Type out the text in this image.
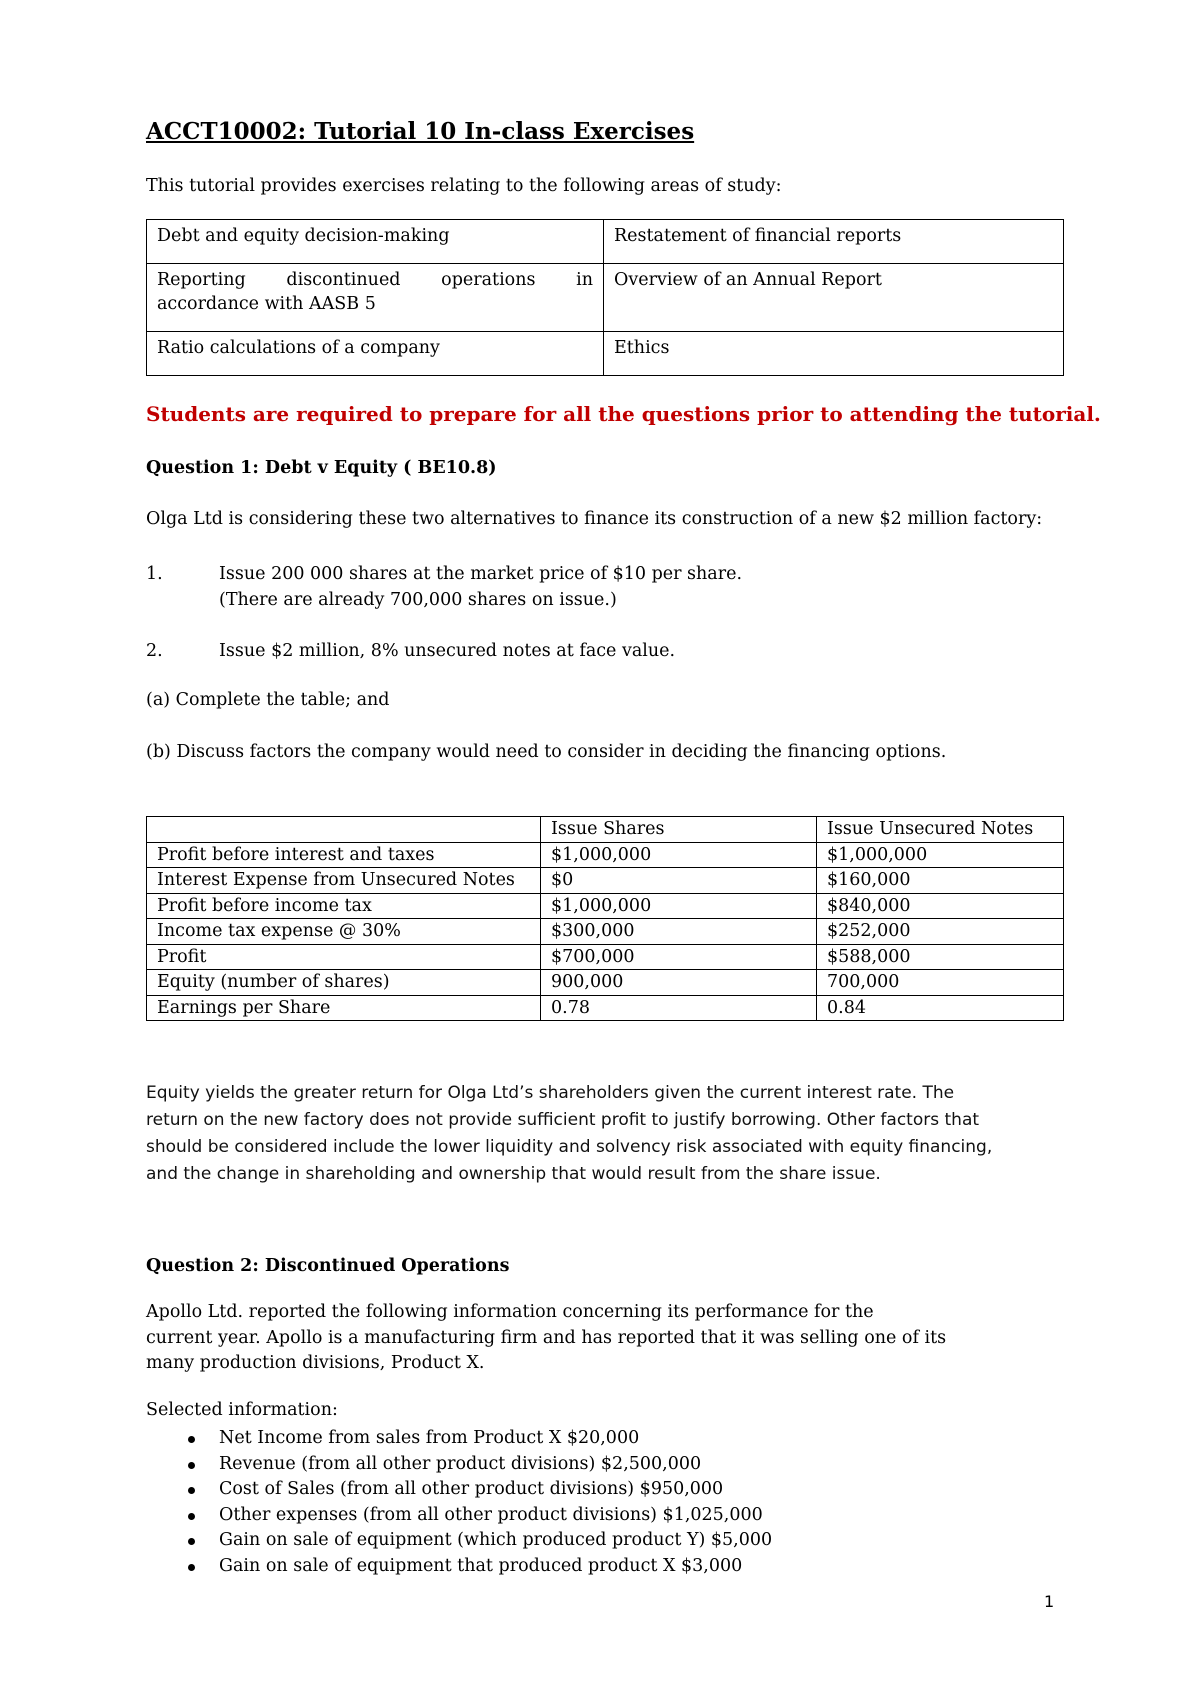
ACCT10002: Tutorial 10 In-class Exercises
This tutorial provides exercises relating to the following areas of study:
Debt and equity decision-making	Restatement of financial reports

Reporting discontinued operations in
accordance with AASB 5	Overview of an Annual Report
Ratio calculations of a company	Ethics
Students are required to prepare for all the questions prior to attending the tutorial.
Question 1: Debt v Equity ( BE10.8)
Olga Ltd is considering these two alternatives to finance its construction of a new $2 million factory:
1.	Issue 200 000 shares at the market price of $10 per share.
(There are already 700,000 shares on issue.)
2.	Issue $2 million, 8% unsecured notes at face value.
(a) Complete the table; and
(b) Discuss factors the company would need to consider in deciding the financing options.
	Issue Shares	Issue Unsecured Notes
Profit before interest and taxes	$1,000,000	$1,000,000
Interest Expense from Unsecured Notes	$0	$160,000
Profit before income tax	$1,000,000	$840,000
Income tax expense @ 30%	$300,000	$252,000
Profit	$700,000	$588,000
Equity (number of shares)	900,000	700,000
Earnings per Share	0.78	0.84
Equity yields the greater return for Olga Ltd’s shareholders given the current interest rate. The
return on the new factory does not provide sufficient profit to justify borrowing. Other factors that
should be considered include the lower liquidity and solvency risk associated with equity financing,
and the change in shareholding and ownership that would result from the share issue.
Question 2: Discontinued Operations
Apollo Ltd. reported the following information concerning its performance for the
current year. Apollo is a manufacturing firm and has reported that it was selling one of its
many production divisions, Product X.
Selected information:
Net Income from sales from Product X $20,000
Revenue (from all other product divisions) $2,500,000
Cost of Sales (from all other product divisions) $950,000
Other expenses (from all other product divisions) $1,025,000
Gain on sale of equipment (which produced product Y) $5,000
Gain on sale of equipment that produced product X $3,000
1
